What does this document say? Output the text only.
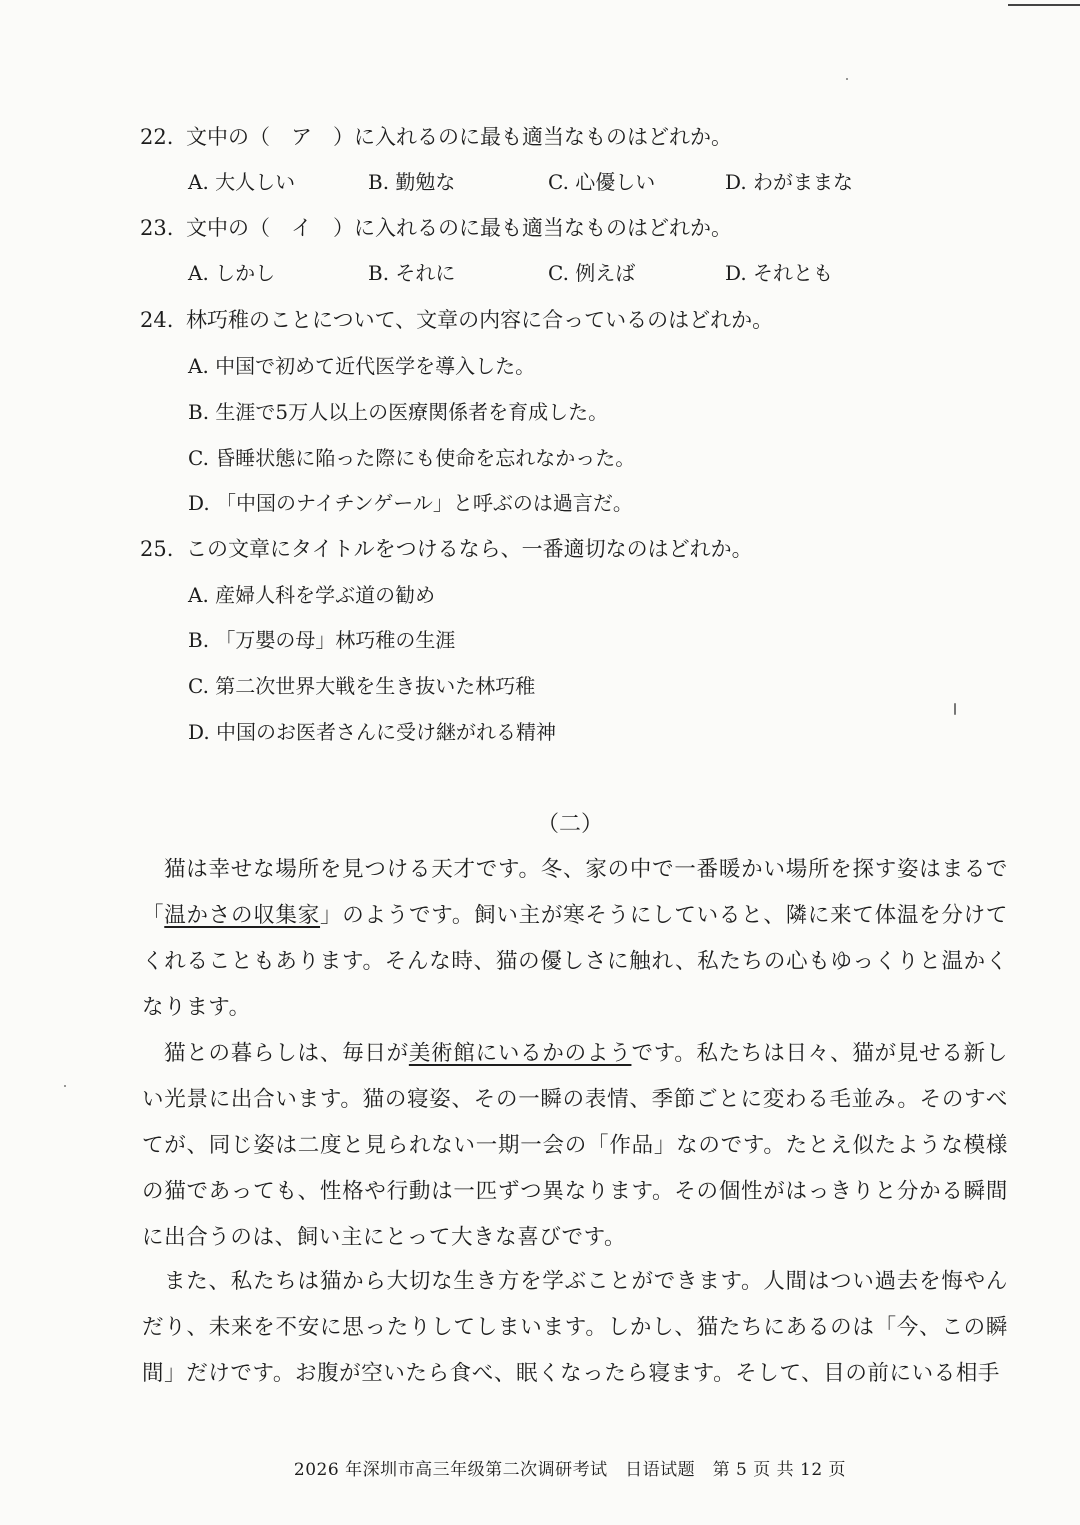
22. 文中の（　ア　）に入れるのに最も適当なものはどれか。
A. 大人しい	B. 勤勉な	C. 心優しい	D. わがままな
23. 文中の（　イ　）に入れるのに最も適当なものはどれか。
A. しかし	B. それに	C. 例えば	D. それとも
24. 林巧稚のことについて、文章の内容に合っているのはどれか。
A. 中国で初めて近代医学を導入した。
B. 生涯で5万人以上の医療関係者を育成した。
C. 昏睡状態に陥った際にも使命を忘れなかった。
D. 「中国のナイチンゲール」と呼ぶのは過言だ。
25. この文章にタイトルをつけるなら、一番適切なのはどれか。
A. 産婦人科を学ぶ道の勧め
B. 「万嬰の母」林巧稚の生涯
C. 第二次世界大戦を生き抜いた林巧稚
D. 中国のお医者さんに受け継がれる精神
（二）
猫は幸せな場所を見つける天才です。冬、家の中で一番暖かい場所を探す姿はまるで「温かさの収集家」のようです。飼い主が寒そうにしていると、隣に来て体温を分けてくれることもあります。そんな時、猫の優しさに触れ、私たちの心もゆっくりと温かくなります。
猫との暮らしは、毎日が美術館にいるかのようです。私たちは日々、猫が見せる新しい光景に出合います。猫の寝姿、その一瞬の表情、季節ごとに変わる毛並み。そのすべてが、同じ姿は二度と見られない一期一会の「作品」なのです。たとえ似たような模様の猫であっても、性格や行動は一匹ずつ異なります。その個性がはっきりと分かる瞬間に出合うのは、飼い主にとって大きな喜びです。
また、私たちは猫から大切な生き方を学ぶことができます。人間はつい過去を悔やんだり、未来を不安に思ったりしてしまいます。しかし、猫たちにあるのは「今、この瞬間」だけです。お腹が空いたら食べ、眠くなったら寝ます。そして、目の前にいる相手
2026 年深圳市高三年级第二次调研考试　日语试题　第 5 页 共 12 页
